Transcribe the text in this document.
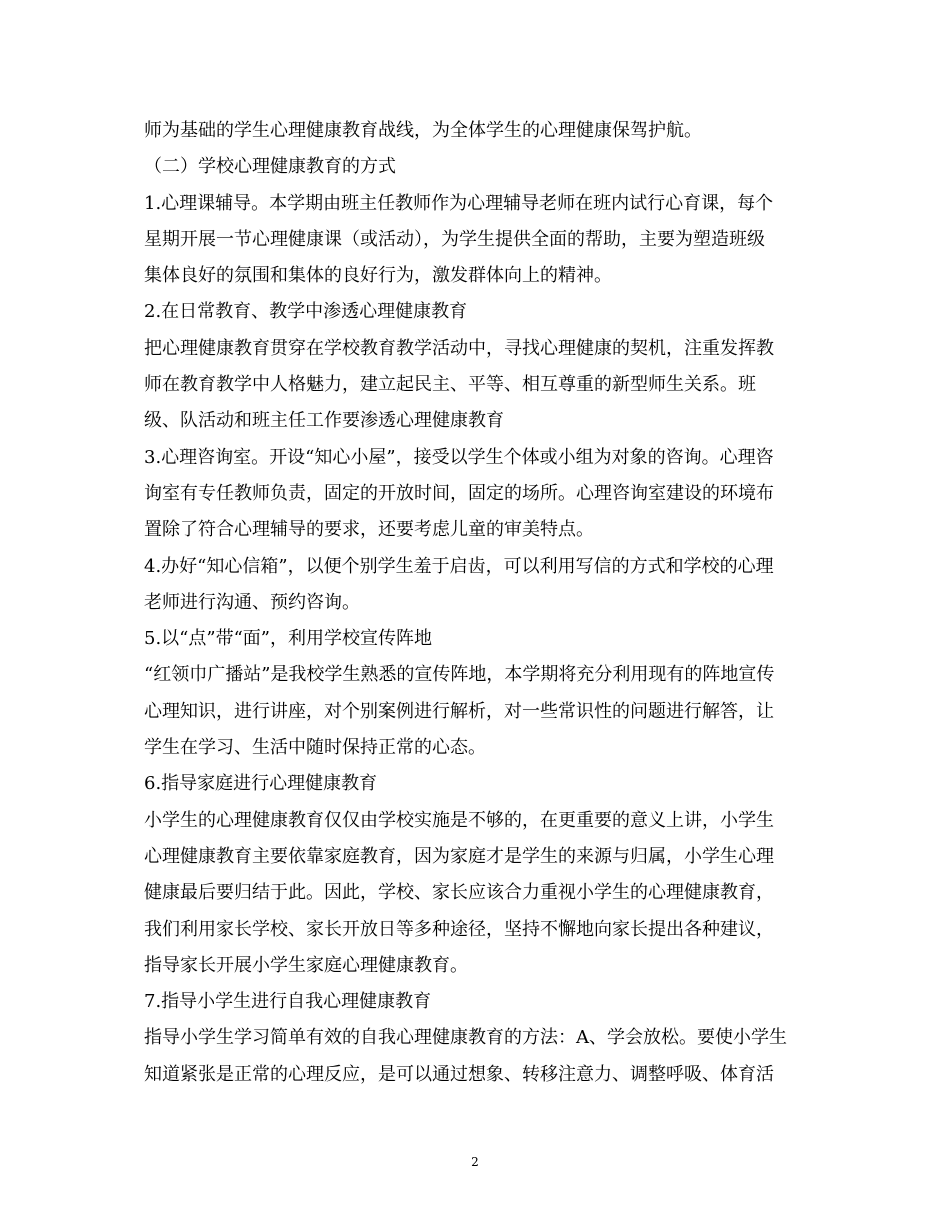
师为基础的学生心理健康教育战线，为全体学生的心理健康保驾护航。
（二）学校心理健康教育的方式
1.心理课辅导。本学期由班主任教师作为心理辅导老师在班内试行心育课，每个
星期开展一节心理健康课（或活动），为学生提供全面的帮助，主要为塑造班级
集体良好的氛围和集体的良好行为，激发群体向上的精神。
2.在日常教育、教学中渗透心理健康教育
把心理健康教育贯穿在学校教育教学活动中，寻找心理健康的契机，注重发挥教
师在教育教学中人格魅力，建立起民主、平等、相互尊重的新型师生关系。班
级、队活动和班主任工作要渗透心理健康教育
3.心理咨询室。开设“知心小屋”，接受以学生个体或小组为对象的咨询。心理咨
询室有专任教师负责，固定的开放时间，固定的场所。心理咨询室建设的环境布
置除了符合心理辅导的要求，还要考虑儿童的审美特点。
4.办好“知心信箱”，以便个别学生羞于启齿，可以利用写信的方式和学校的心理
老师进行沟通、预约咨询。
5.以“点”带“面”，利用学校宣传阵地
“红领巾广播站”是我校学生熟悉的宣传阵地，本学期将充分利用现有的阵地宣传
心理知识，进行讲座，对个别案例进行解析，对一些常识性的问题进行解答，让
学生在学习、生活中随时保持正常的心态。
6.指导家庭进行心理健康教育
小学生的心理健康教育仅仅由学校实施是不够的，在更重要的意义上讲，小学生
心理健康教育主要依靠家庭教育，因为家庭才是学生的来源与归属，小学生心理
健康最后要归结于此。因此，学校、家长应该合力重视小学生的心理健康教育，
我们利用家长学校、家长开放日等多种途径，坚持不懈地向家长提出各种建议，
指导家长开展小学生家庭心理健康教育。
7.指导小学生进行自我心理健康教育
指导小学生学习简单有效的自我心理健康教育的方法：A、学会放松。要使小学生
知道紧张是正常的心理反应，是可以通过想象、转移注意力、调整呼吸、体育活
2
